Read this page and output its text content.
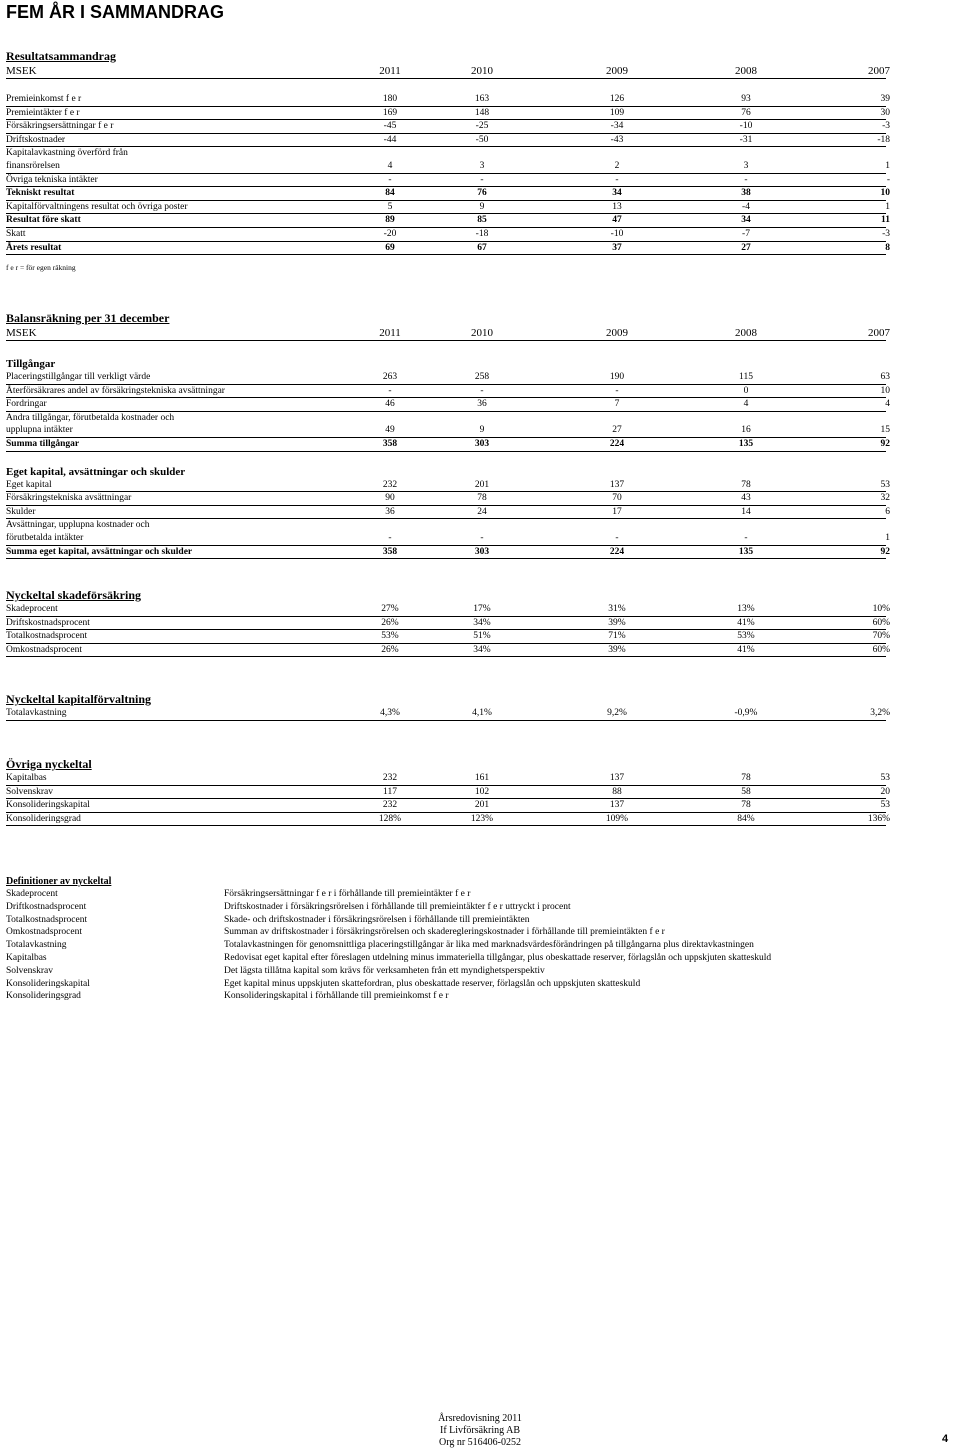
FEM ÅR I SAMMANDRAG
Resultatsammandrag
MSEK	2011	2010	2009	2008	2007
Premieinkomst f e r	180	163	126	93	39
Premieintäkter f e r	169	148	109	76	30
Försäkringsersättningar f e r	-45	-25	-34	-10	-3
Driftskostnader	-44	-50	-43	-31	-18
Kapitalavkastning överförd från
finansrörelsen	4	3	2	3	1
Övriga tekniska intäkter	-	-	-	-	-
Tekniskt resultat	84	76	34	38	10
Kapitalförvaltningens resultat och övriga poster	5	9	13	-4	1
Resultat före skatt	89	85	47	34	11
Skatt	-20	-18	-10	-7	-3
Årets resultat	69	67	37	27	8
f e r = för egen räkning
Balansräkning per 31 december
MSEK	2011	2010	2009	2008	2007
Tillgångar
Placeringstillgångar till verkligt värde	263	258	190	115	63
Återförsäkrares andel av försäkringstekniska avsättningar	-	-	-	0	10
Fordringar	46	36	7	4	4
Andra tillgångar, förutbetalda kostnader och
upplupna intäkter	49	9	27	16	15
Summa tillgångar	358	303	224	135	92
Eget kapital, avsättningar och skulder
Eget kapital	232	201	137	78	53
Försäkringstekniska avsättningar	90	78	70	43	32
Skulder	36	24	17	14	6
Avsättningar, upplupna kostnader och
förutbetalda intäkter	-	-	-	-	1
Summa eget kapital, avsättningar och skulder	358	303	224	135	92
Nyckeltal skadeförsäkring
Skadeprocent	27%	17%	31%	13%	10%
Driftskostnadsprocent	26%	34%	39%	41%	60%
Totalkostnadsprocent	53%	51%	71%	53%	70%
Omkostnadsprocent	26%	34%	39%	41%	60%
Nyckeltal kapitalförvaltning
Totalavkastning	4,3%	4,1%	9,2%	-0,9%	3,2%
Övriga nyckeltal
Kapitalbas	232	161	137	78	53
Solvenskrav	117	102	88	58	20
Konsolideringskapital	232	201	137	78	53
Konsolideringsgrad	128%	123%	109%	84%	136%
Definitioner av nyckeltal
Skadeprocent	Försäkringsersättningar f e r i förhållande till premieintäkter f e r
Driftkostnadsprocent	Driftskostnader i försäkringsrörelsen i förhållande till premieintäkter f e r uttryckt i procent
Totalkostnadsprocent	Skade- och driftskostnader i försäkringsrörelsen i förhållande till premieintäkten
Omkostnadsprocent	Summan av driftskostnader i försäkringsrörelsen och skaderegleringskostnader i förhållande till premieintäkten f e r
Totalavkastning	Totalavkastningen för genomsnittliga placeringstillgångar är lika med marknadsvärdesförändringen på tillgångarna plus direktavkastningen
Kapitalbas	Redovisat eget kapital efter föreslagen utdelning minus immateriella tillgångar, plus obeskattade reserver, förlagslån och uppskjuten skatteskuld
Solvenskrav	Det lägsta tillåtna kapital som krävs för verksamheten från ett myndighetsperspektiv
Konsolideringskapital	Eget kapital minus uppskjuten skattefordran, plus obeskattade reserver, förlagslån och uppskjuten skatteskuld
Konsolideringsgrad	Konsolideringskapital i förhållande till premieinkomst f e r
Årsredovisning 2011
If Livförsäkring AB
Org nr 516406-0252	4
